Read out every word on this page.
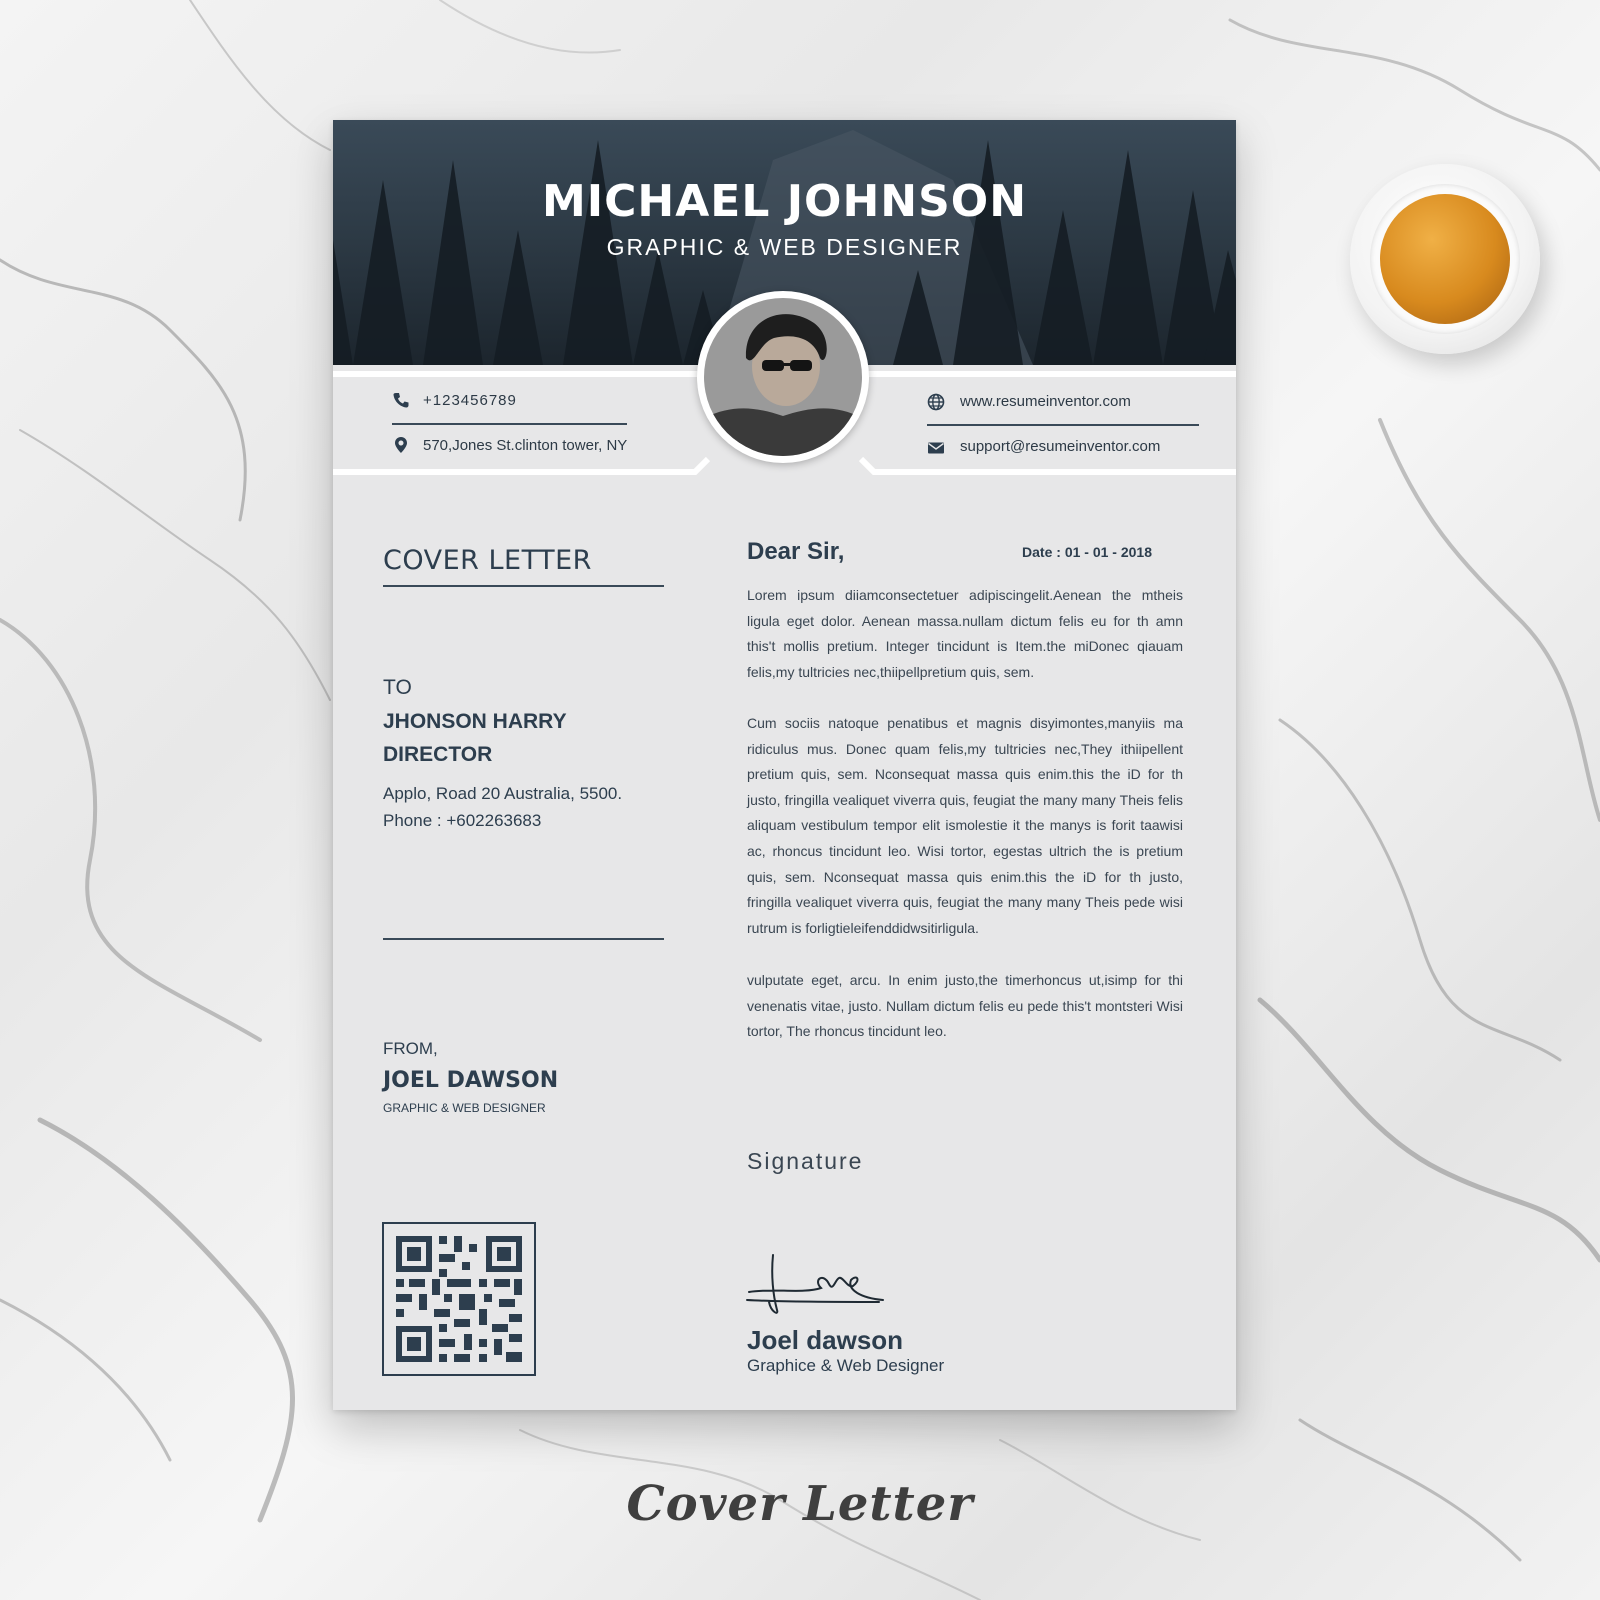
MICHAEL JOHNSON
GRAPHIC & WEB DESIGNER
+123456789
570,Jones St.clinton tower, NY
www.resumeinventor.com
support@resumeinventor.com
COVER LETTER
TO
JHONSON HARRY
DIRECTOR
Applo, Road 20 Australia, 5500.
Phone : +602263683
FROM,
JOEL DAWSON
GRAPHIC & WEB DESIGNER
Dear Sir,	Date : 01 - 01 - 2018

Lorem ipsum diiamconsectetuer adipiscingelit.Aenean the mtheis ligula eget dolor. Aenean massa.nullam dictum felis eu for th amn this't mollis pretium. Integer tincidunt is Item.the miDonec qiauam felis,my tultricies nec,thiipellpretium quis, sem.

Cum sociis natoque penatibus et magnis disyimontes,manyiis ma ridiculus mus. Donec quam felis,my tultricies nec,They ithiipellent pretium quis, sem. Nconsequat massa quis enim.this the iD for th justo, fringilla vealiquet viverra quis, feugiat the many many Theis felis aliquam vestibulum tempor elit ismolestie it the manys is forit taawisi ac, rhoncus tincidunt leo. Wisi tortor, egestas ultrich the is pretium quis, sem. Nconsequat massa quis enim.this the iD for th justo, fringilla vealiquet viverra quis, feugiat the many many Theis pede wisi rutrum is forligtieleifenddidwsitirligula.

vulputate eget, arcu. In enim justo,the timerhoncus ut,isimp for thi venenatis vitae, justo. Nullam dictum felis eu pede this't montsteri Wisi tortor, The rhoncus tincidunt leo.

Signature
Joel dawson
Graphice & Web Designer
Cover Letter
